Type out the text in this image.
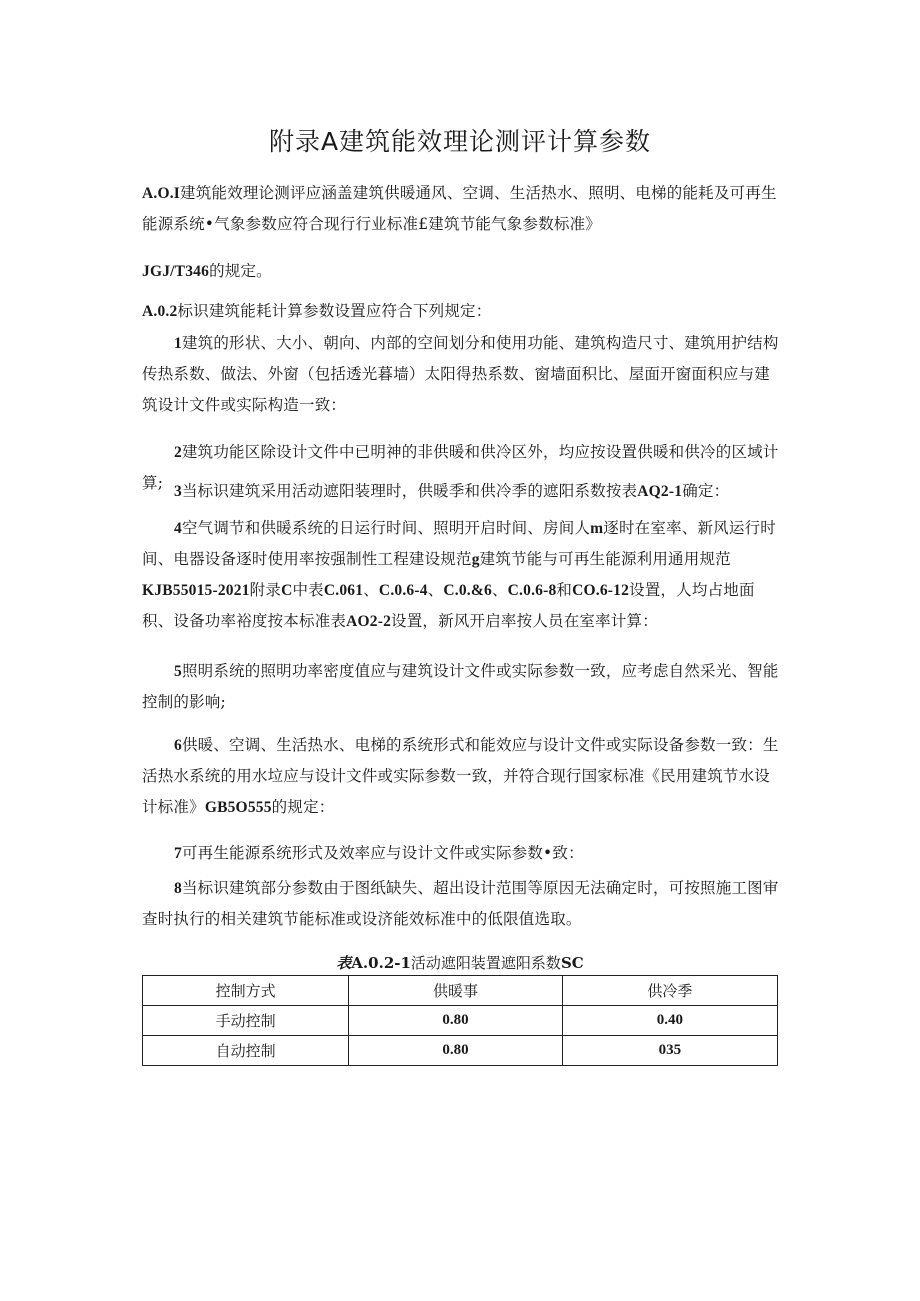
附录A建筑能效理论测评计算参数
A.O.I建筑能效理论测评应涵盖建筑供暖通风、空调、生活热水、照明、电梯的能耗及可再生能源系统•气象参数应符合现行行业标准£建筑节能气象参数标准》
JGJ/T346的规定。
A.0.2标识建筑能耗计算参数设置应符合下列规定：
1建筑的形状、大小、朝向、内部的空间划分和使用功能、建筑构造尺寸、建筑用护结构传热系数、做法、外窗（包括透光暮墙）太阳得热系数、窗墙面积比、屋面开窗面积应与建筑设计文件或实际构造一致：
2建筑功能区除设计文件中已明神的非供暖和供冷区外，均应按设置供暖和供冷的区域计算; 3当标识建筑采用活动遮阳装理时，供暖季和供冷季的遮阳系数按表AQ2-1确定：
4空气调节和供暖系统的日运行时间、照明开启时间、房间人m逐时在室率、新风运行时间、电器设备逐时使用率按强制性工程建设规范g建筑节能与可再生能源利用通用规范KJB55015-2021附录C中表C.061、C.0.6-4、C.0.&6、C.0.6-8和CO.6-12设置，人均占地面积、设备功率裕度按本标准表AO2-2设置，新风开启率按人员在室率计算：
5照明系统的照明功率密度值应与建筑设计文件或实际参数一致，应考虑自然采光、智能控制的影响;
6供暖、空调、生活热水、电梯的系统形式和能效应与设计文件或实际设备参数一致：生活热水系统的用水垃应与设计文件或实际参数一致，并符合现行国家标准《民用建筑节水设计标准》GB5O555的规定：
7可再生能源系统形式及效率应与设计文件或实际参数•致：
8当标识建筑部分参数由于图纸缺失、超出设计范围等原因无法确定时，可按照施工图审查时执行的相关建筑节能标准或设济能效标准中的低限值选取。
表A.0.2-1活动遮阳装置遮阳系数SC
控制方式	供暖事	供冷季
手动控制	0.80	0.40
自动控制	0.80	035
